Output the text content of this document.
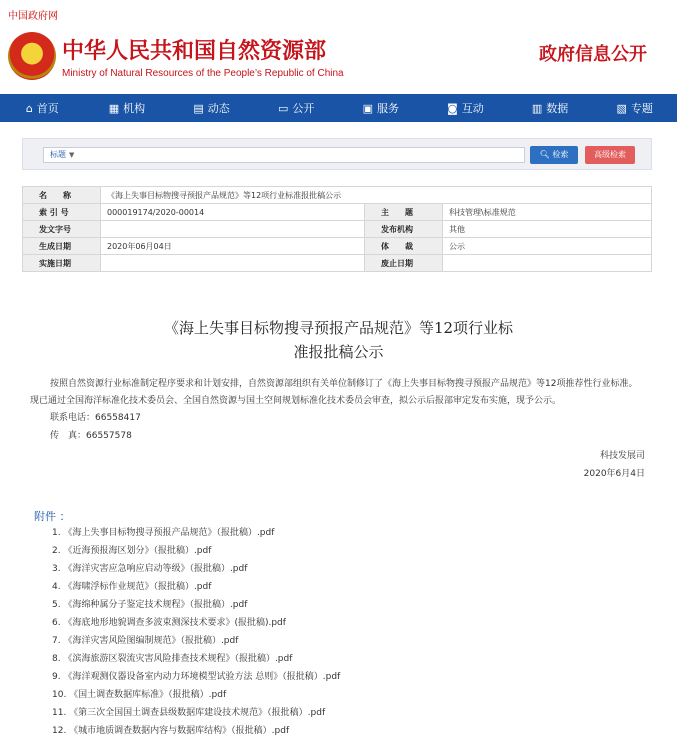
中国政府网
★ 中华人民共和国自然资源部
Ministry of Natural Resources of the People’s Republic of China
政府信息公开
⌂ 首页	▦ 机构	▤ 动态	▭ 公开	▣ 服务	◙ 互动	▥ 数据	▧ 专题
标题 ▼	🔍︎ 检索	高级检索
名　　称	《海上失事目标物搜寻预报产品规范》等12项行业标准报批稿公示		
索 引 号	000019174/2020-00014	主　　题	科技管理\标准规范
发文字号		发布机构	其他
生成日期	2020年06月04日	体　　裁	公示
实施日期		废止日期	
《海上失事目标物搜寻预报产品规范》等12项行业标
准报批稿公示
按照自然资源行业标准制定程序要求和计划安排，自然资源部组织有关单位制修订了《海上失事目标物搜寻预报产品规范》等12项推荐性行业标准。
现已通过全国海洋标准化技术委员会、全国自然资源与国土空间规划标准化技术委员会审查，拟公示后报部审定发布实施，现予公示。
联系电话：66558417
传　真：66557578
科技发展司
2020年6月4日
附件 ：
1. 《海上失事目标物搜寻预报产品规范》（报批稿）.pdf
2. 《近海预报海区划分》（报批稿）.pdf
3. 《海洋灾害应急响应启动等级》（报批稿）.pdf
4. 《海啸浮标作业规范》（报批稿）.pdf
5. 《海绵种属分子鉴定技术规程》（报批稿）.pdf
6. 《海底地形地貌调查多波束测深技术要求》(报批稿).pdf
7. 《海洋灾害风险图编制规范》（报批稿）.pdf
8. 《滨海旅游区裂流灾害风险排查技术规程》（报批稿）.pdf
9. 《海洋观测仪器设备室内动力环境模型试验方法 总则》（报批稿）.pdf
10. 《国土调查数据库标准》（报批稿）.pdf
11. 《第三次全国国土调查县级数据库建设技术规范》（报批稿）.pdf
12. 《城市地质调查数据内容与数据库结构》（报批稿）.pdf
